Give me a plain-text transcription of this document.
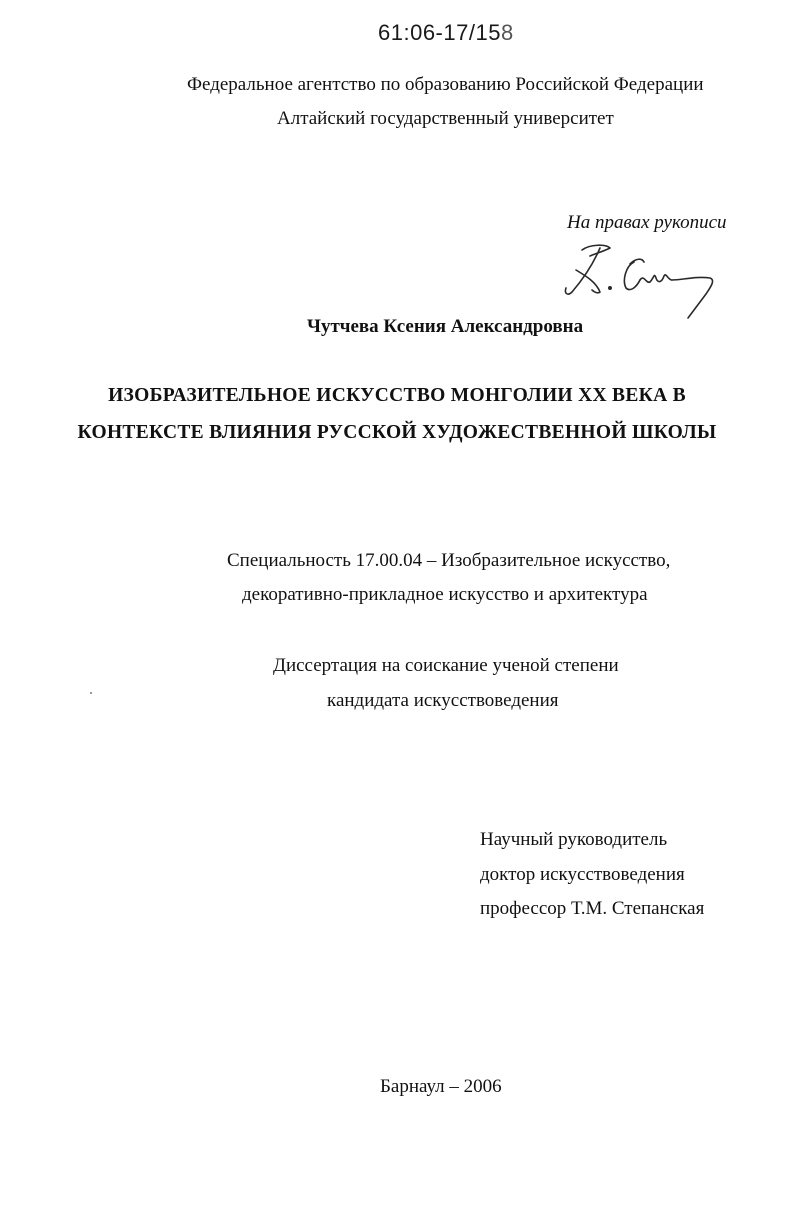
61:06-17/158
Федеральное агентство по образованию Российской Федерации
Алтайский государственный университет
На правах рукописи
Чутчева Ксения Александровна
ИЗОБРАЗИТЕЛЬНОЕ ИСКУССТВО МОНГОЛИИ XX ВЕКА В
КОНТЕКСТЕ ВЛИЯНИЯ РУССКОЙ ХУДОЖЕСТВЕННОЙ ШКОЛЫ
Специальность 17.00.04 – Изобразительное искусство,
декоративно-прикладное искусство и архитектура
Диссертация на соискание ученой степени
кандидата искусствоведения
Научный руководитель
доктор искусствоведения
профессор Т.М. Степанская
Барнаул – 2006
